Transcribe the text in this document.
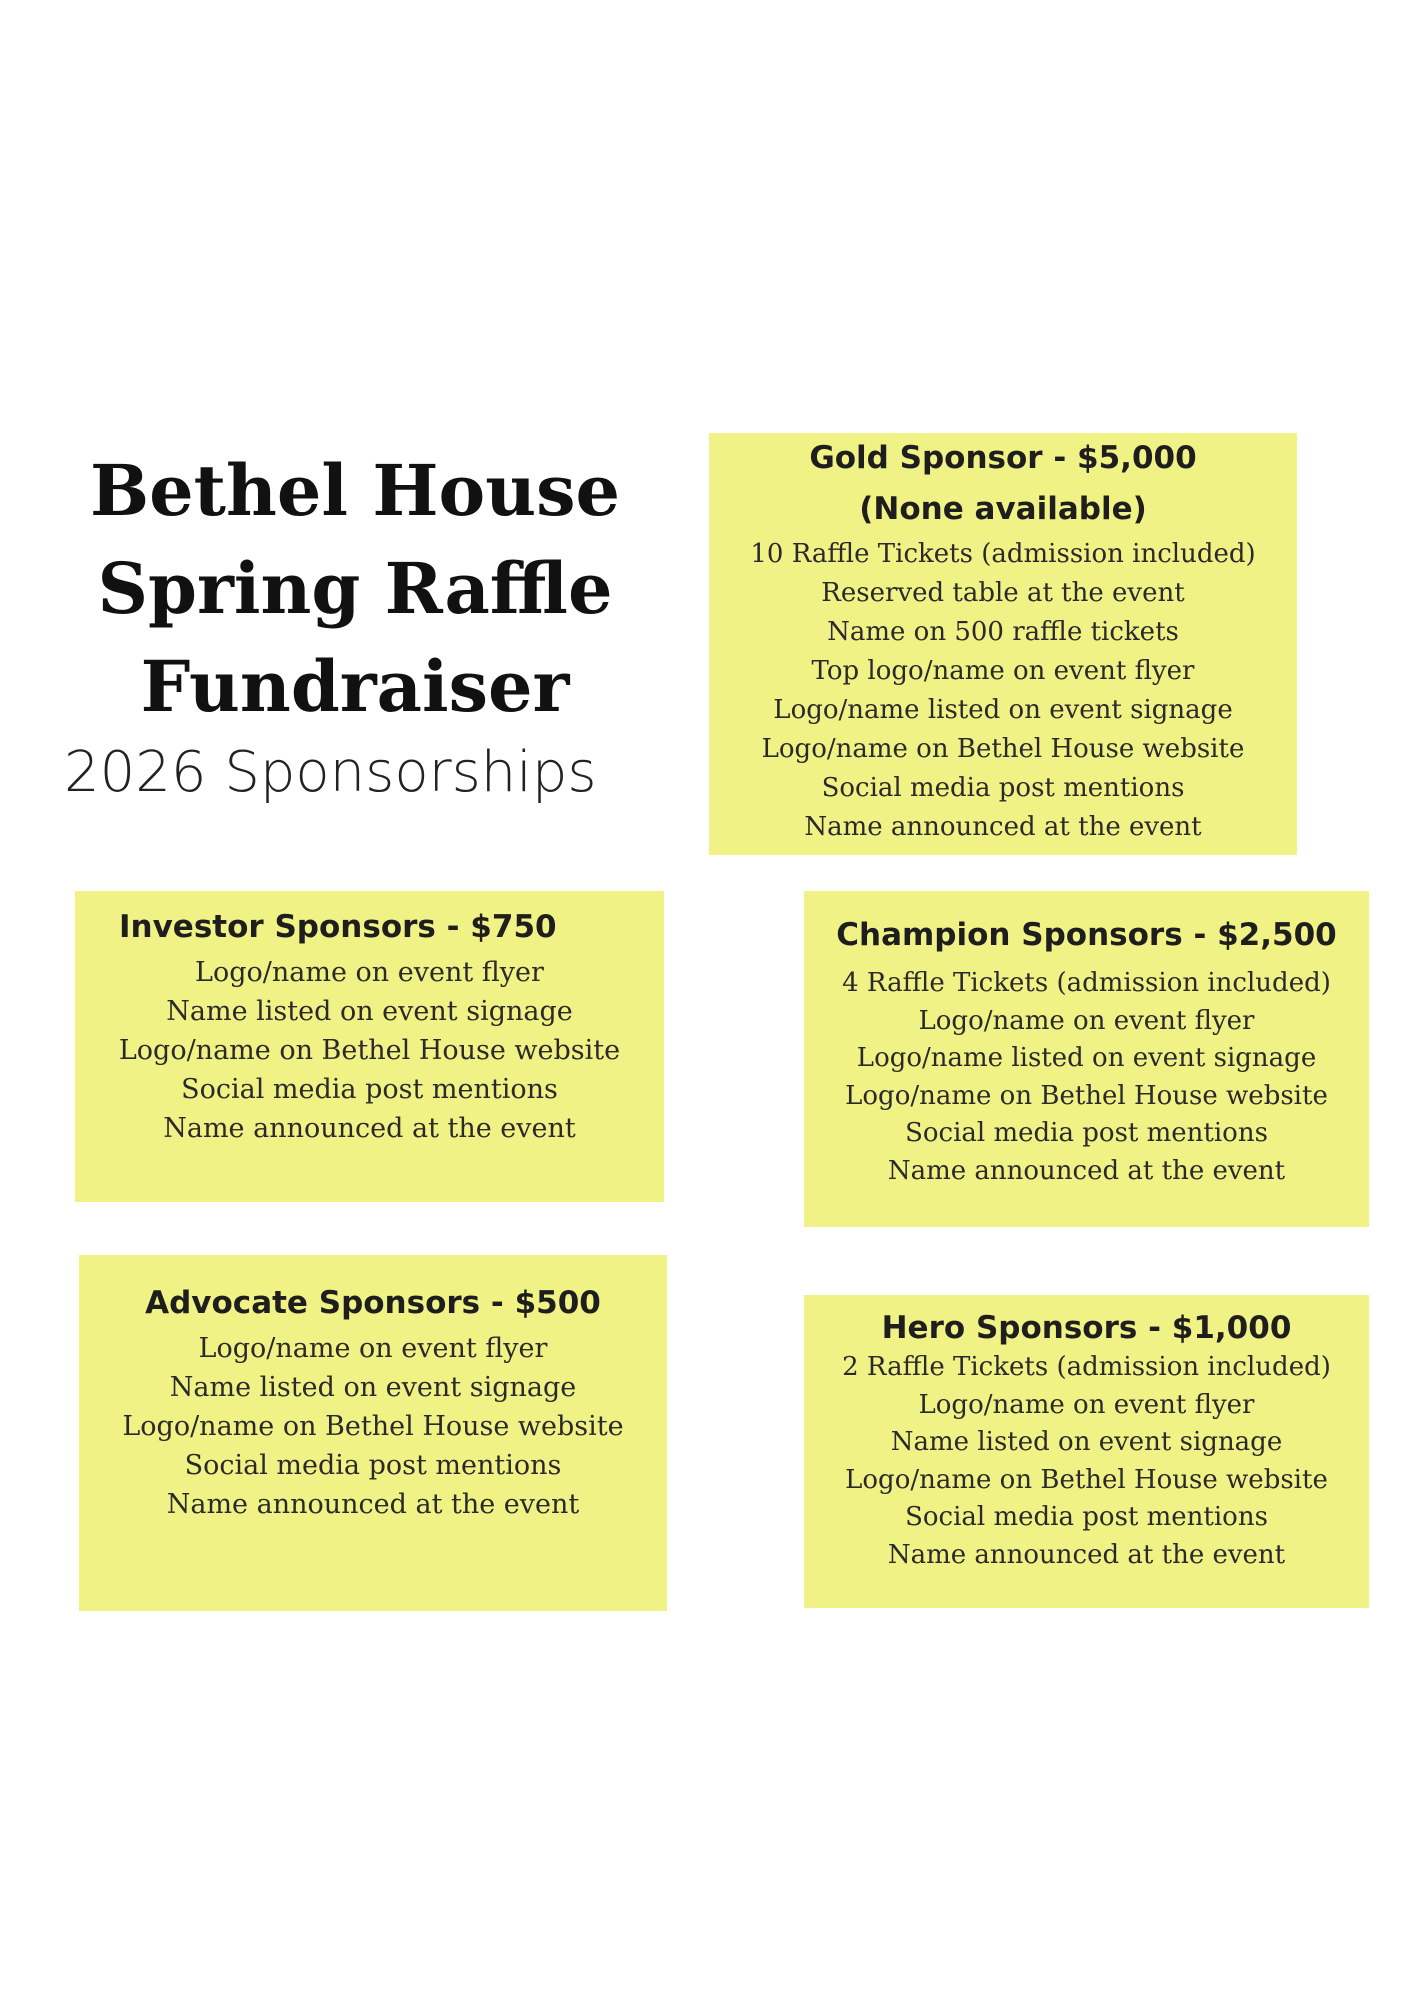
Bethel House
Spring Raffle
Fundraiser
2026 Sponsorships
Gold Sponsor - $5,000
(None available)
10 Raffle Tickets (admission included)
Reserved table at the event
Name on 500 raffle tickets
Top logo/name on event flyer
Logo/name listed on event signage
Logo/name on Bethel House website
Social media post mentions
Name announced at the event
Investor Sponsors - $750
Logo/name on event flyer
Name listed on event signage
Logo/name on Bethel House website
Social media post mentions
Name announced at the event
Champion Sponsors - $2,500
4 Raffle Tickets (admission included)
Logo/name on event flyer
Logo/name listed on event signage
Logo/name on Bethel House website
Social media post mentions
Name announced at the event
Advocate Sponsors - $500
Logo/name on event flyer
Name listed on event signage
Logo/name on Bethel House website
Social media post mentions
Name announced at the event
Hero Sponsors - $1,000
2 Raffle Tickets (admission included)
Logo/name on event flyer
Name listed on event signage
Logo/name on Bethel House website
Social media post mentions
Name announced at the event
